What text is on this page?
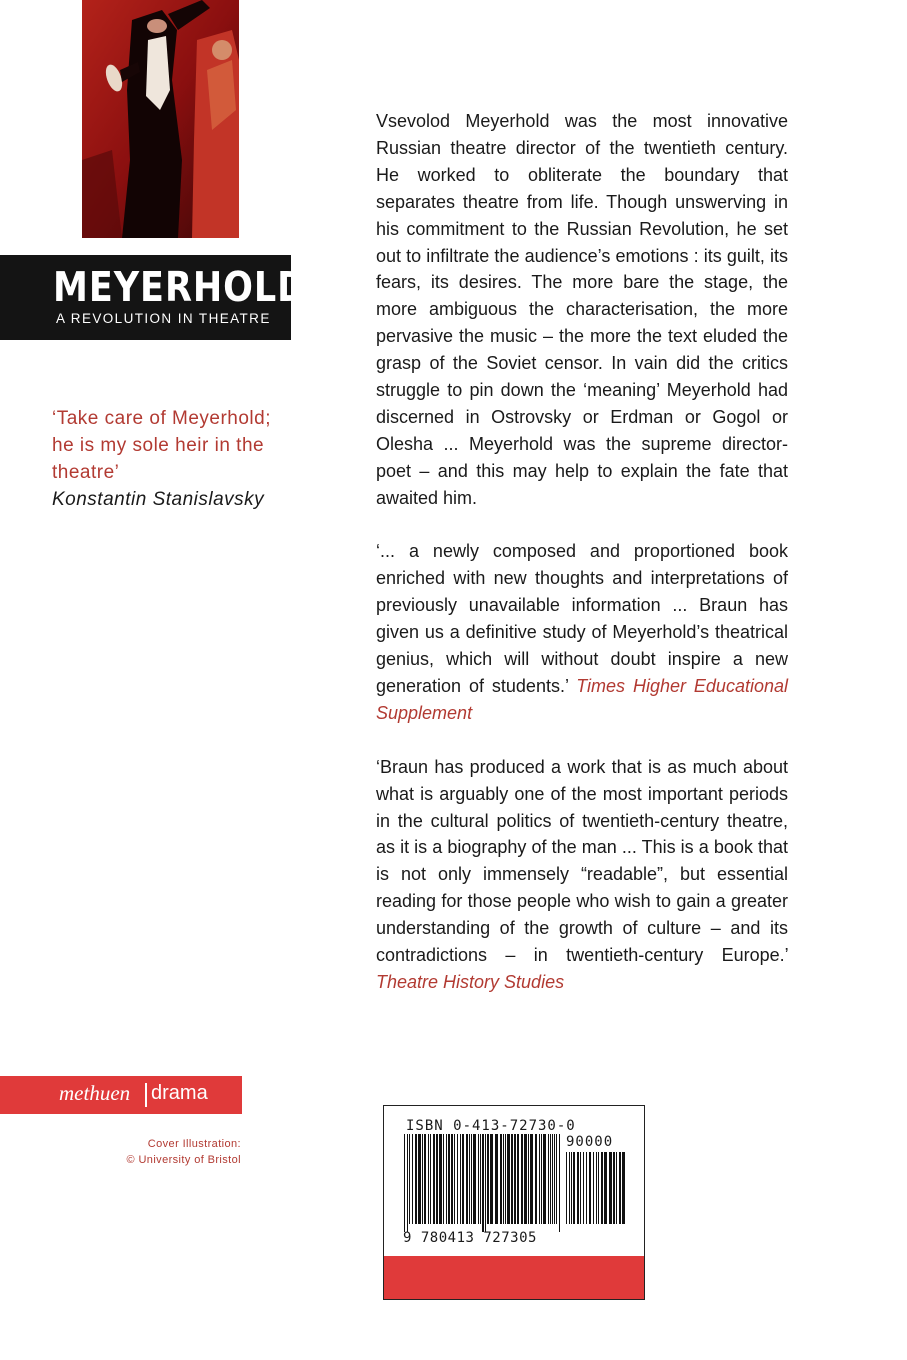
MEYERHOLD
A REVOLUTION IN THEATRE
‘Take care of Meyerhold; he is my sole heir in the theatre’
Konstantin Stanislavsky

Vsevolod Meyerhold was the most innovative Russian theatre director of the twentieth century. He worked to obliterate the boundary that separates theatre from life. Though unswerving in his commitment to the Russian Revolution, he set out to infiltrate the audience’s emotions : its guilt, its fears, its desires. The more bare the stage, the more ambiguous the characterisation, the more pervasive the music – the more the text eluded the grasp of the Soviet censor. In vain did the critics struggle to pin down the ‘meaning’ Meyerhold had discerned in Ostrovsky or Erdman or Gogol or Olesha ... Meyerhold was the supreme director-poet – and this may help to explain the fate that awaited him.

‘... a newly composed and proportioned book enriched with new thoughts and interpretations of previously unavailable information ... Braun has given us a definitive study of Meyerhold’s theatrical genius, which will without doubt inspire a new generation of students.’ Times Higher Educational Supplement

‘Braun has produced a work that is as much about what is arguably one of the most important periods in the cultural politics of twentieth-century theatre, as it is a biography of the man ... This is a book that is not only immensely “readable”, but essential reading for those people who wish to gain a greater understanding of the growth of culture – and its contradictions – in twentieth-century Europe.’ Theatre History Studies

methuen drama
Cover Illustration:
© University of Bristol
ISBN 0-413-72730-0
90000
9 780413 727305
